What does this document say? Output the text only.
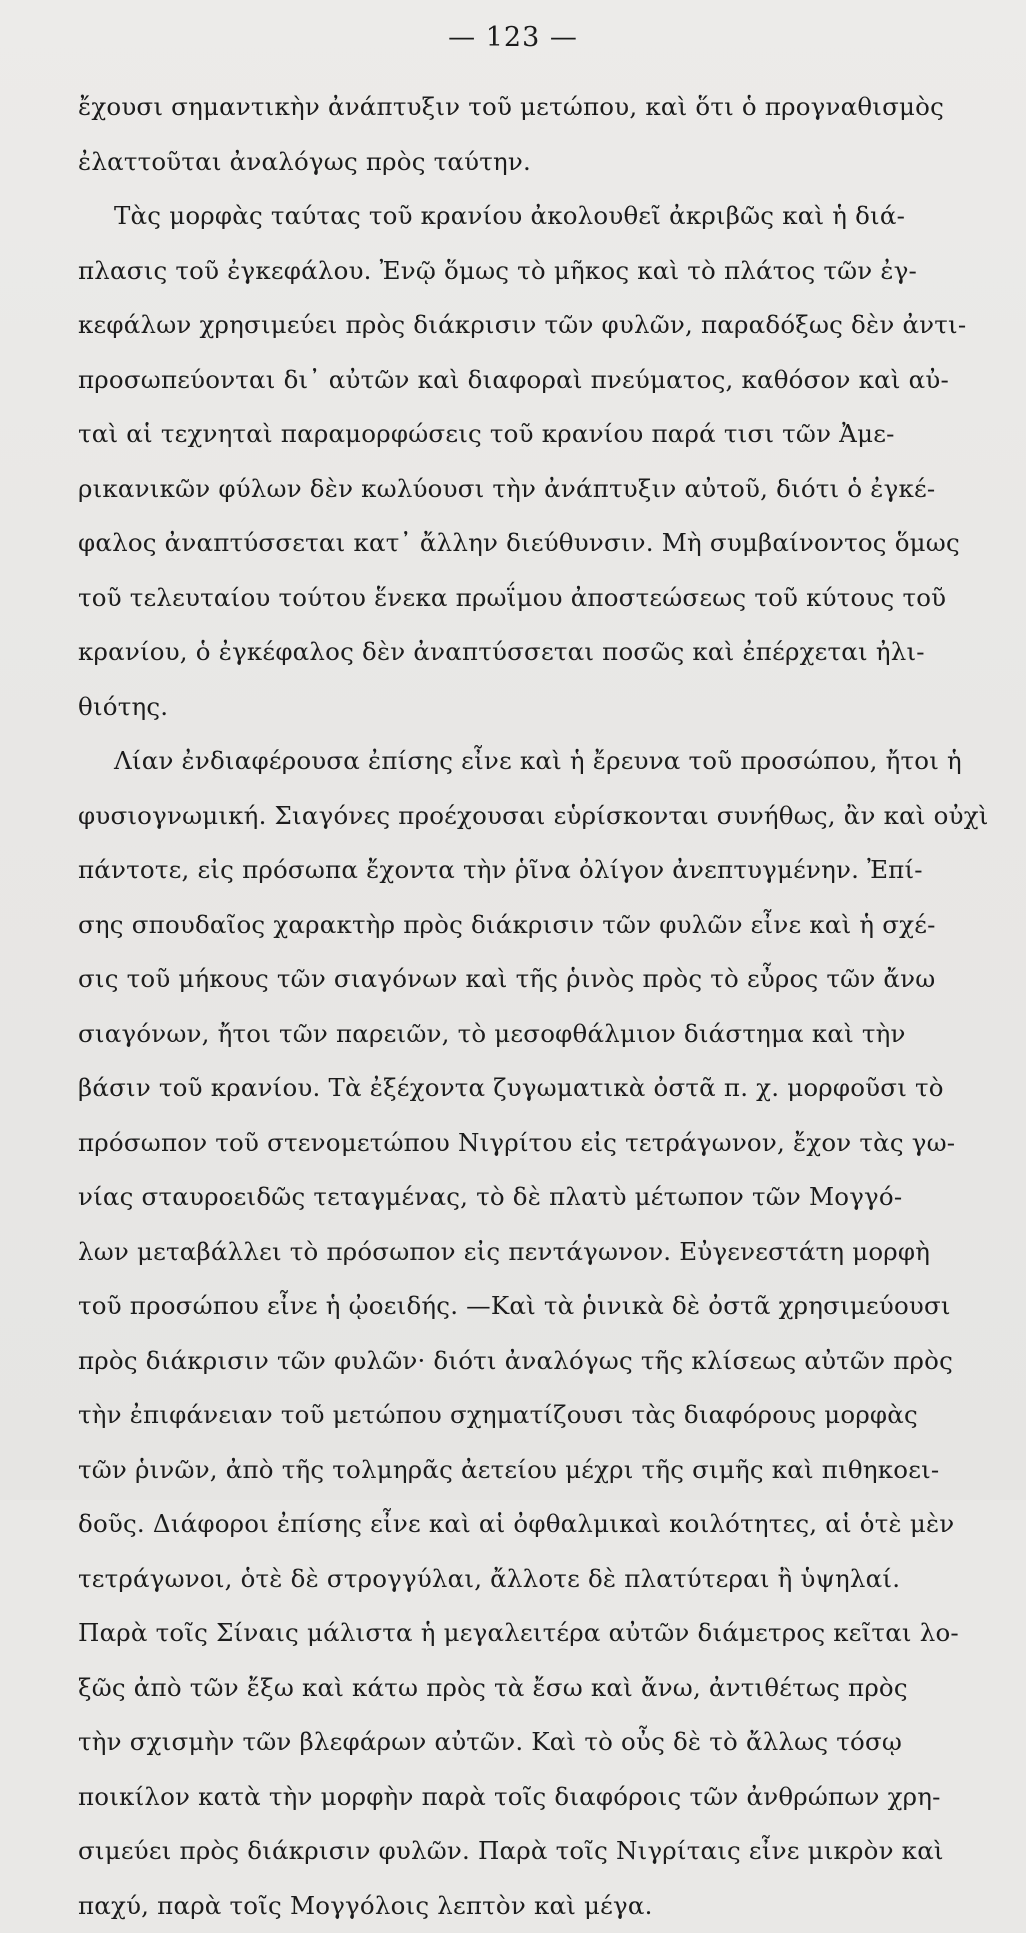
— 123 —

ἔχουσι σημαντικὴν ἀνάπτυξιν τοῦ μετώπου, καὶ ὅτι ὁ προγναθισμὸς
ἐλαττοῦται ἀναλόγως πρὸς ταύτην.
Τὰς μορφὰς ταύτας τοῦ κρανίου ἀκολουθεῖ ἀκριβῶς καὶ ἡ διά-
πλασις τοῦ ἐγκεφάλου. Ἐνῷ ὅμως τὸ μῆκος καὶ τὸ πλάτος τῶν ἐγ-
κεφάλων χρησιμεύει πρὸς διάκρισιν τῶν φυλῶν, παραδόξως δὲν ἀντι-
προσωπεύονται δι᾽ αὐτῶν καὶ διαφοραὶ πνεύματος, καθόσον καὶ αὐ-
ταὶ αἱ τεχνηταὶ παραμορφώσεις τοῦ κρανίου παρά τισι τῶν Ἀμε-
ρικανικῶν φύλων δὲν κωλύουσι τὴν ἀνάπτυξιν αὐτοῦ, διότι ὁ ἐγκέ-
φαλος ἀναπτύσσεται κατ᾽ ἄλλην διεύθυνσιν. Μὴ συμβαίνοντος ὅμως
τοῦ τελευταίου τούτου ἕνεκα πρωΐμου ἀποστεώσεως τοῦ κύτους τοῦ
κρανίου, ὁ ἐγκέφαλος δὲν ἀναπτύσσεται ποσῶς καὶ ἐπέρχεται ἠλι-
θιότης.
Λίαν ἐνδιαφέρουσα ἐπίσης εἶνε καὶ ἡ ἔρευνα τοῦ προσώπου, ἤτοι ἡ
φυσιογνωμική. Σιαγόνες προέχουσαι εὑρίσκονται συνήθως, ἂν καὶ οὐχὶ
πάντοτε, εἰς πρόσωπα ἔχοντα τὴν ῥῖνα ὀλίγον ἀνεπτυγμένην. Ἐπί-
σης σπουδαῖος χαρακτὴρ πρὸς διάκρισιν τῶν φυλῶν εἶνε καὶ ἡ σχέ-
σις τοῦ μήκους τῶν σιαγόνων καὶ τῆς ῥινὸς πρὸς τὸ εὖρος τῶν ἄνω
σιαγόνων, ἤτοι τῶν παρειῶν, τὸ μεσοφθάλμιον διάστημα καὶ τὴν
βάσιν τοῦ κρανίου. Τὰ ἐξέχοντα ζυγωματικὰ ὀστᾶ π. χ. μορφοῦσι τὸ
πρόσωπον τοῦ στενομετώπου Νιγρίτου εἰς τετράγωνον, ἔχον τὰς γω-
νίας σταυροειδῶς τεταγμένας, τὸ δὲ πλατὺ μέτωπον τῶν Μογγό-
λων μεταβάλλει τὸ πρόσωπον εἰς πεντάγωνον. Εὐγενεστάτη μορφὴ
τοῦ προσώπου εἶνε ἡ ᾠοειδής. —Καὶ τὰ ῥινικὰ δὲ ὀστᾶ χρησιμεύουσι
πρὸς διάκρισιν τῶν φυλῶν· διότι ἀναλόγως τῆς κλίσεως αὐτῶν πρὸς
τὴν ἐπιφάνειαν τοῦ μετώπου σχηματίζουσι τὰς διαφόρους μορφὰς
τῶν ῥινῶν, ἀπὸ τῆς τολμηρᾶς ἀετείου μέχρι τῆς σιμῆς καὶ πιθηκοει-
δοῦς. Διάφοροι ἐπίσης εἶνε καὶ αἱ ὀφθαλμικαὶ κοιλότητες, αἱ ὁτὲ μὲν
τετράγωνοι, ὁτὲ δὲ στρογγύλαι, ἄλλοτε δὲ πλατύτεραι ἢ ὑψηλαί.
Παρὰ τοῖς Σίναις μάλιστα ἡ μεγαλειτέρα αὐτῶν διάμετρος κεῖται λο-
ξῶς ἀπὸ τῶν ἔξω καὶ κάτω πρὸς τὰ ἔσω καὶ ἄνω, ἀντιθέτως πρὸς
τὴν σχισμὴν τῶν βλεφάρων αὐτῶν. Καὶ τὸ οὖς δὲ τὸ ἄλλως τόσῳ
ποικίλον κατὰ τὴν μορφὴν παρὰ τοῖς διαφόροις τῶν ἀνθρώπων χρη-
σιμεύει πρὸς διάκρισιν φυλῶν. Παρὰ τοῖς Νιγρίταις εἶνε μικρὸν καὶ
παχύ, παρὰ τοῖς Μογγόλοις λεπτὸν καὶ μέγα.
